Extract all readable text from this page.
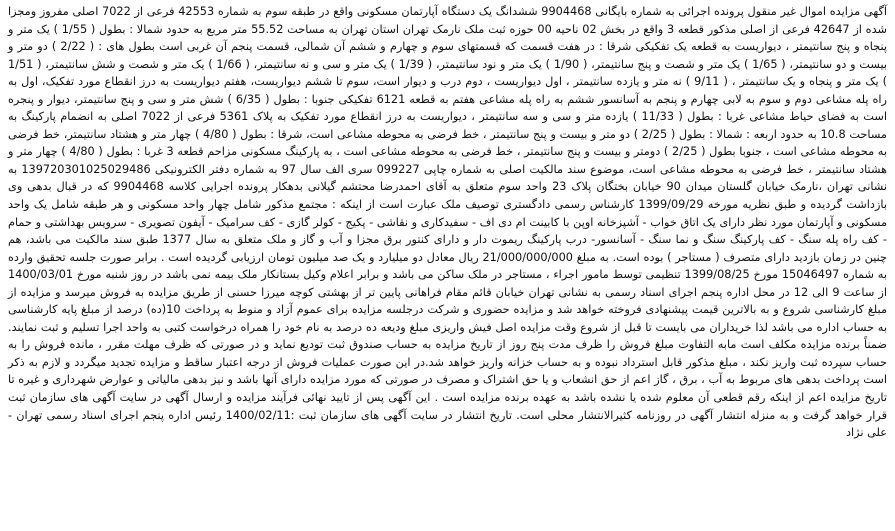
آگهی مزایده اموال غیر منقول پرونده اجرائی به شماره بایگانی 9904468 ششدانگ یک دستگاه آپارتمان مسکونی واقع در طبقه سوم به شماره 42553 فرعی از 7022 اصلی مفروز ومجزا شده از 42647 فرعی از اصلی مذکور قطعه 3 واقع در بخش 02 ناحیه 00 حوزه ثبت ملک نارمک تهران استان تهران به مساحت 55.52 متر مربع به حدود شمالا : بطول ( 1/55 ) یک متر و پنجاه و پنج سانتیمتر ، دیواریست به قطعه یک تفکیکی شرقا : در هفت قسمت که قسمتهای سوم و چهارم و ششم آن شمالی، قسمت پنجم آن غربی است بطول های : ( 2/22 ) دو متر و بیست و دو سانتیمتر، ( 1/65 ) یک متر و شصت و پنج سانتیمتر، ( 1/90 ) یک متر و نود سانتیمتر، ( 1/39 ) یک متر و سی و نه سانتیمتر، ( 1/66 ) یک متر و شصت و شش سانتیمتر، ( 1/51 ) یک متر و پنجاه و یک سانتیمتر ، ( 9/11 ) نه متر و یازده سانتیمتر ، اول دیواریست ، دوم درب و دیوار است، سوم تا ششم دیواریست، هفتم دیواریست به درز انقطاع مورد تفکیک، اول به راه پله مشاعی دوم و سوم به لابی چهارم و پنجم به آسانسور ششم به راه پله مشاعی هفتم به قطعه 6121 تفکیکی جنوبا : بطول ( 6/35 ) شش متر و سی و پنج سانتیمتر، دیوار و پنجره است به فضای حیاط مشاعی غربا : بطول ( 11/33 ) یازده متر و سی و سه سانتیمتر ، دیواریست به درز انقطاع مورد تفکیک به پلاک 5361 فرعی از 7022 اصلی به انضمام پارکینگ به مساحت 10.8 به حدود اربعه : شمالا : بطول ( 2/25 ) دو متر و بیست و پنج سانتیمتر ، خط فرضی به محوطه مشاعی است، شرقا : بطول ( 4/80 ) چهار متر و هشتاد سانتیمتر، خط فرضی به محوطه مشاعی است ، جنوبا بطول ( 2/25 ) دومتر و بیست و پنج سانتیمتر ، خط فرضی به محوطه مشاعی است ، به پارکینگ مسکونی مزاحم قطعه 3 غربا : بطول ( 4/80 ) چهار متر و هشتاد سانتیمتر ، خط فرضی به محوطه مشاعی است، موضوع سند مالکیت اصلی به شماره چاپی 099227 سری الف سال 97 به شماره دفتر الکترونیکی 139720301025029486 به نشانی تهران ،نارمک خیابان گلستان میدان 90 خیابان بختگان پلاک 23 واحد سوم متعلق به آقای احمدرضا محتشم گیلانی بدهکار پرونده اجرایی کلاسه 9904468 که در قبال بدهی وی بازداشت گردیده و طبق نظریه مورخه 1399/09/29 کارشناس رسمی دادگستری توصیف ملک عبارت است از اینکه : مجتمع مذکور شامل چهار واحد مسکونی و هر طبقه شامل یک واحد مسکونی و آپارتمان مورد نظر دارای یک اتاق خواب - آشپزخانه اوپن با کابینت ام دی اف - سفیدکاری و نقاشی - پکیج - کولر گازی - کف سرامیک - آیفون تصویری - سرویس بهداشتی و حمام - کف راه پله سنگ - کف پارکینگ سنگ و نما سنگ - آسانسور- درب پارکینگ ریموت دار و دارای کنتور برق مجزا و آب و گاز و ملک متعلق به سال 1377 طبق سند مالکیت می باشد، هم چنین در زمان بازدید دارای متصرف ( مستاجر ) بوده است. به مبلغ 21/000/000/000 ریال معادل دو میلیارد و یک صد میلیون تومان ارزیابی گردیده است . برابر صورت جلسه تحقیق وارده به شماره 15046497 مورخ 1399/08/25 تنظیمی توسط مامور اجراء ، مستاجر در ملک ساکن می باشد و برابر اعلام وکیل بستانکار ملک بیمه نمی باشد در روز شنبه مورخ 1400/03/01 از ساعت 9 الی 12 در محل اداره پنجم اجرای اسناد رسمی به نشانی تهران خیابان قائم مقام فراهانی پایین تر از بهشتی کوچه میرزا حسنی از طریق مزایده به فروش میرسد و مزایده از مبلغ کارشناسی شروع و به بالاترین قیمت پیشنهادی فروخته خواهد شد و مزایده حضوری و شرکت درجلسه مزایده برای عموم آزاد و منوط به پرداخت 10(ده) درصد از مبلغ پایه کارشناسی به حساب اداره می باشد لذا خریداران می بایست تا قبل از شروع وقت مزایده اصل فیش واریزی مبلغ ودیعه ده درصد به نام خود را همراه درخواست کتبی به واحد اجرا تسلیم و ثبت نمایند. ضمناً برنده مزایده مکلف است مابه التفاوت مبلغ فروش را ظرف مدت پنج روز از تاریخ مزایده به حساب صندوق ثبت تودیع نماید و در صورتی که ظرف مهلت مقرر ، مانده فروش را به حساب سپرده ثبت واریز نکند ، مبلغ مذکور قابل استرداد نبوده و به حساب خزانه واریز خواهد شد.در این صورت عملیات فروش از درجه اعتبار ساقط و مزایده تجدید میگردد و لازم به ذکر است پرداخت بدهی های مربوط به آب ، برق ، گاز اعم از حق انشعاب و یا حق اشتراک و مصرف در صورتی که مورد مزایده دارای آنها باشد و نیز بدهی مالیاتی و عوارض شهرداری و غیره تا تاریخ مزایده اعم از اینکه رقم قطعی آن معلوم شده یا نشده باشد به عهده برنده مزایده است . این آگهی پس از تایید نهائی فرآیند مزایده و ارسال آگهی در سایت آگهی های سازمان ثبت قرار خواهد گرفت و به منزله انتشار آگهی در روزنامه کثیرالانتشار محلی است. تاریخ انتشار در سایت آگهی های سازمان ثبت :1400/02/11 رئیس اداره پنجم اجرای اسناد رسمی تهران - علی نژاد
